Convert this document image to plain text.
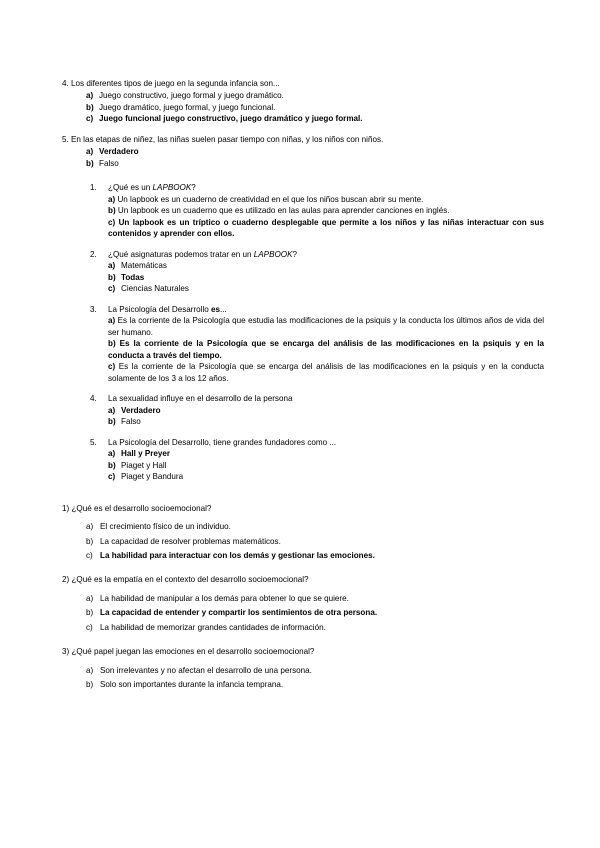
4. Los diferentes tipos de juego en la segunda infancia son...
a) Juego constructivo, juego formal y juego dramático.
b) Juego dramático, juego formal, y juego funcional.
c) Juego funcional juego constructivo, juego dramático y juego formal.
5. En las etapas de niñez, las niñas suelen pasar tiempo con niñas, y los niños con niños.
a) Verdadero
b) Falso
1.	¿Qué es un LAPBOOK?
a) Un lapbook es un cuaderno de creatividad en el que los niños buscan abrir su mente.
b) Un lapbook es un cuaderno que es utilizado en las aulas para aprender canciones en inglés.
c) Un lapbook es un tríptico o cuaderno desplegable que permite a los niños y las niñas interactuar con sus contenidos y aprender con ellos.
2.	¿Qué asignaturas podemos tratar en un LAPBOOK?
a) Matemáticas
b) Todas
c) Ciencias Naturales
3.	La Psicología del Desarrollo es...
a) Es la corriente de la Psicología que estudia las modificaciones de la psiquis y la conducta los últimos años de vida del ser humano.
b) Es la corriente de la Psicología que se encarga del análisis de las modificaciones en la psiquis y en la conducta a través del tiempo.
c) Es la corriente de la Psicología que se encarga del análisis de las modificaciones en la psiquis y en la conducta solamente de los 3 a los 12 años.
4.	La sexualidad influye en el desarrollo de la persona
a) Verdadero
b) Falso
5.	La Psicología del Desarrollo, tiene grandes fundadores como ...
a) Hall y Preyer
b) Piaget y Hall
c) Piaget y Bandura
1) ¿Qué es el desarrollo socioemocional?
a) El crecimiento físico de un individuo.
b) La capacidad de resolver problemas matemáticos.
c) La habilidad para interactuar con los demás y gestionar las emociones.
2) ¿Qué es la empatía en el contexto del desarrollo socioemocional?
a) La habilidad de manipular a los demás para obtener lo que se quiere.
b) La capacidad de entender y compartir los sentimientos de otra persona.
c) La habilidad de memorizar grandes cantidades de información.
3) ¿Qué papel juegan las emociones en el desarrollo socioemocional?
a) Son irrelevantes y no afectan el desarrollo de una persona.
b) Solo son importantes durante la infancia temprana.
